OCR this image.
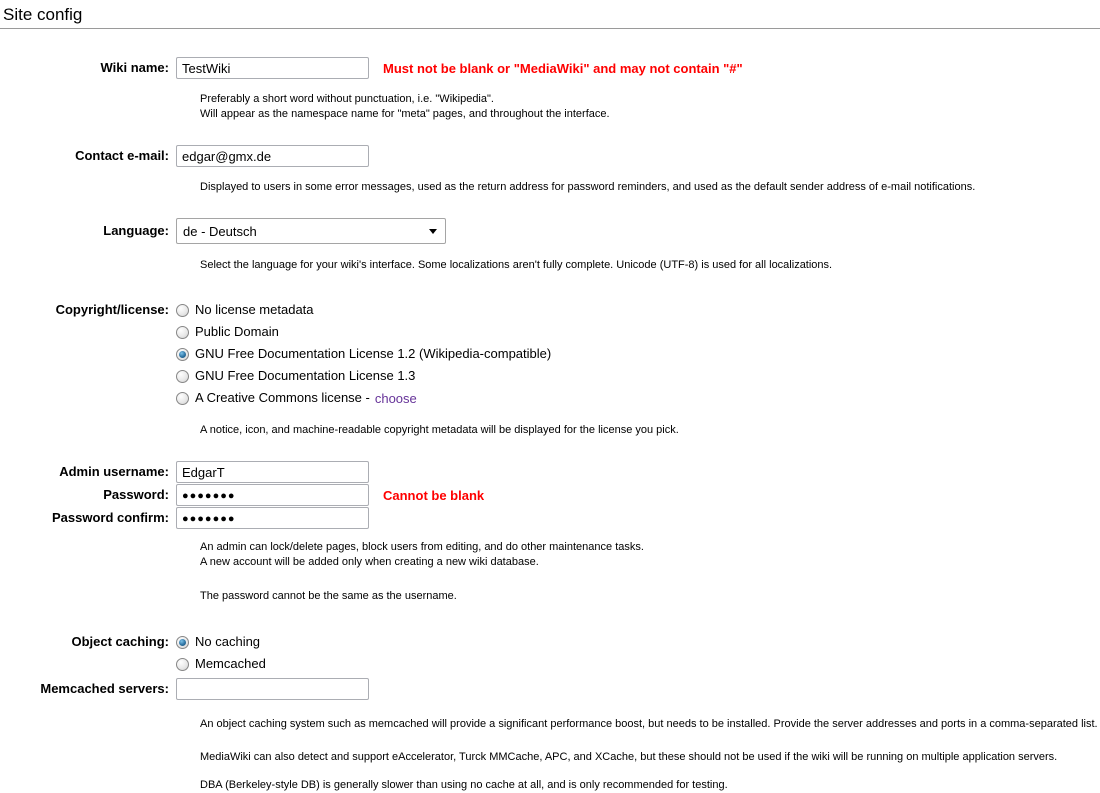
Site config
Wiki name:
TestWiki	Must not be blank or "MediaWiki" and may not contain "#"

Preferably a short word without punctuation, i.e. "Wikipedia".

Will appear as the namespace name for "meta" pages, and throughout the interface.

Contact e-mail:
edgar@gmx.de

Displayed to users in some error messages, used as the return address for password reminders, and used as the default sender address of e-mail notifications.

Language:	de - Deutsch

Select the language for your wiki's interface. Some localizations aren't fully complete. Unicode (UTF-8) is used for all localizations.

Copyright/license:	No license metadata
Public Domain
GNU Free Documentation License 1.2 (Wikipedia-compatible)
GNU Free Documentation License 1.3
A Creative Commons license - choose

A notice, icon, and machine-readable copyright metadata will be displayed for the license you pick.

Admin username:
EdgarT
Password:
●●●●●●●	Cannot be blank
Password confirm:
●●●●●●●

An admin can lock/delete pages, block users from editing, and do other maintenance tasks.

A new account will be added only when creating a new wiki database.

The password cannot be the same as the username.

Object caching:	No caching
Memcached
Memcached servers:

An object caching system such as memcached will provide a significant performance boost, but needs to be installed. Provide the server addresses and ports in a comma-separated list.

MediaWiki can also detect and support eAccelerator, Turck MMCache, APC, and XCache, but these should not be used if the wiki will be running on multiple application servers.

DBA (Berkeley-style DB) is generally slower than using no cache at all, and is only recommended for testing.
